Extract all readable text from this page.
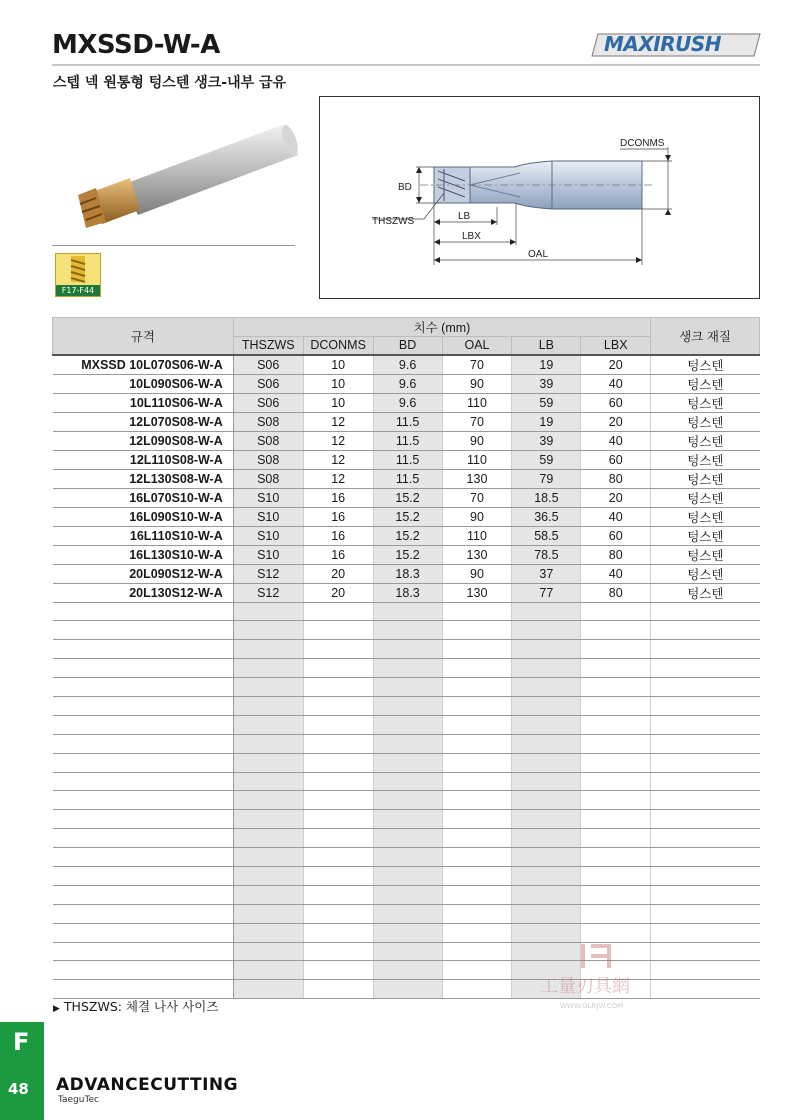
MXSSD-W-A
스텝 넥 원통형 텅스텐 생크-내부 급유
MAXIRUSH
F17-F44
DCONMS
BD
THSZWS	LB
LBX
OAL
규격	치수 (mm)						생크 재질
	THSZWS	DCONMS	BD	OAL	LB	LBX	
MXSSD 10L070S06-W-A	S06	10	9.6	70	19	20	텅스텐
10L090S06-W-A	S06	10	9.6	90	39	40	텅스텐
10L110S06-W-A	S06	10	9.6	110	59	60	텅스텐
12L070S08-W-A	S08	12	11.5	70	19	20	텅스텐
12L090S08-W-A	S08	12	11.5	90	39	40	텅스텐
12L110S08-W-A	S08	12	11.5	110	59	60	텅스텐
12L130S08-W-A	S08	12	11.5	130	79	80	텅스텐
16L070S10-W-A	S10	16	15.2	70	18.5	20	텅스텐
16L090S10-W-A	S10	16	15.2	90	36.5	40	텅스텐
16L110S10-W-A	S10	16	15.2	110	58.5	60	텅스텐
16L130S10-W-A	S10	16	15.2	130	78.5	80	텅스텐
20L090S12-W-A	S12	20	18.3	90	37	40	텅스텐
20L130S12-W-A	S12	20	18.3	130	77	80	텅스텐

▶ THSZWS: 체결 나사 사이즈
工量刃具網
WWW.GLRJW.COM
F
48 ADVANCECUTTING
TaeguTec
